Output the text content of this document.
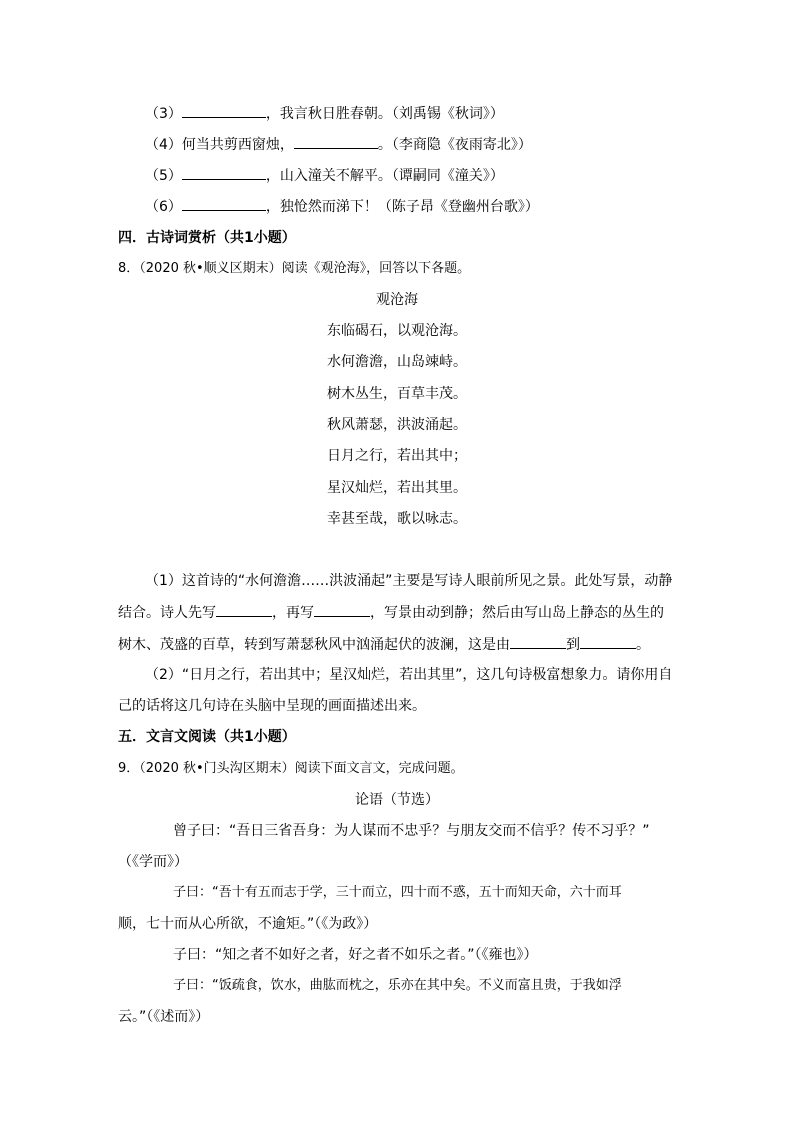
（3）	，我言秋日胜春朝。（刘禹锡《秋词》）
（4）何当共剪西窗烛，	。（李商隐《夜雨寄北》）
（5）	，山入潼关不解平。（谭嗣同《潼关》）
（6）	，独怆然而涕下！（陈子昂《登幽州台歌》）
四．古诗词赏析（共1小题）
8．（2020 秋•顺义区期末）阅读《观沧海》，回答以下各题。
观沧海
东临碣石，以观沧海。
水何澹澹，山岛竦峙。
树木丛生，百草丰茂。
秋风萧瑟，洪波涌起。
日月之行，若出其中；
星汉灿烂，若出其里。
幸甚至哉，歌以咏志。
（1）这首诗的“水何澹澹……洪波涌起”主要是写诗人眼前所见之景。此处写景，动静
结合。诗人先写	，再写	，写景由动到静；然后由写山岛上静态的丛生的
树木、茂盛的百草，转到写萧瑟秋风中汹涌起伏的波澜，这是由	到	。
（2）“日月之行，若出其中；星汉灿烂，若出其里”，这几句诗极富想象力。请你用自
己的话将这几句诗在头脑中呈现的画面描述出来。
五．文言文阅读（共1小题）
9．（2020 秋•门头沟区期末）阅读下面文言文，完成问题。
论语（节选）
曾子曰：“吾日三省吾身：为人谋而不忠乎？与朋友交而不信乎？传不习乎？”
（《学而》）
子曰：“吾十有五而志于学，三十而立，四十而不惑，五十而知天命，六十而耳
顺，七十而从心所欲，不逾矩。”（《为政》）
子曰：“知之者不如好之者，好之者不如乐之者。”（《雍也》）
子曰：“饭疏食，饮水，曲肱而枕之，乐亦在其中矣。不义而富且贵，于我如浮
云。”（《述而》）
